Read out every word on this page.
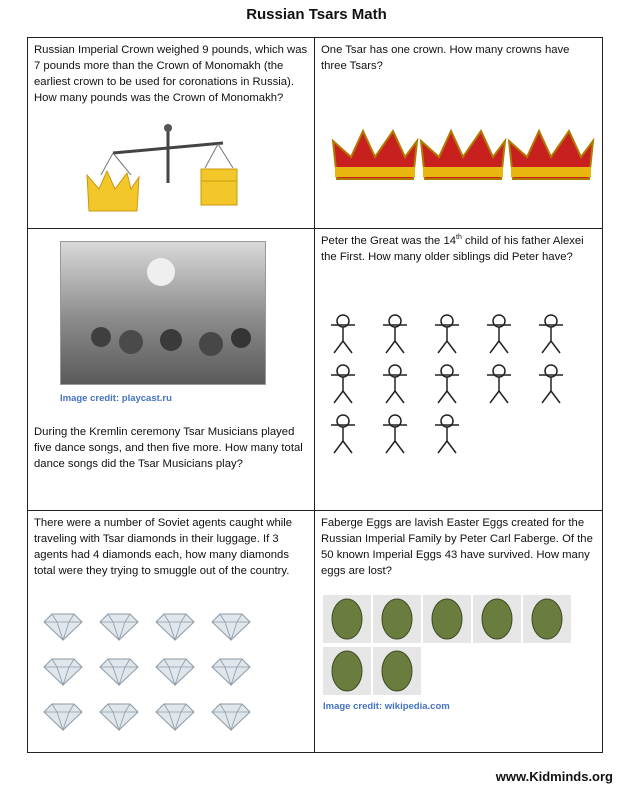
Russian Tsars Math
Russian Imperial Crown weighed 9 pounds, which was 7 pounds more than the Crown of Monomakh (the earliest crown to be used for coronations in Russia). How many pounds was the Crown of Monomakh?
One Tsar has one crown. How many crowns have three Tsars?
Image credit: playcast.ru
During the Kremlin ceremony Tsar Musicians played five dance songs, and then five more. How many total dance songs did the Tsar Musicians play?
Peter the Great was the 14th child of his father Alexei the First. How many older siblings did Peter have?
There were a number of Soviet agents caught while traveling with Tsar diamonds in their luggage. If 3 agents had 4 diamonds each, how many diamonds total were they trying to smuggle out of the country.
Faberge Eggs are lavish Easter Eggs created for the Russian Imperial Family by Peter Carl Faberge. Of the 50 known Imperial Eggs 43 have survived. How many eggs are lost?
Image credit: wikipedia.com
www.Kidminds.org
